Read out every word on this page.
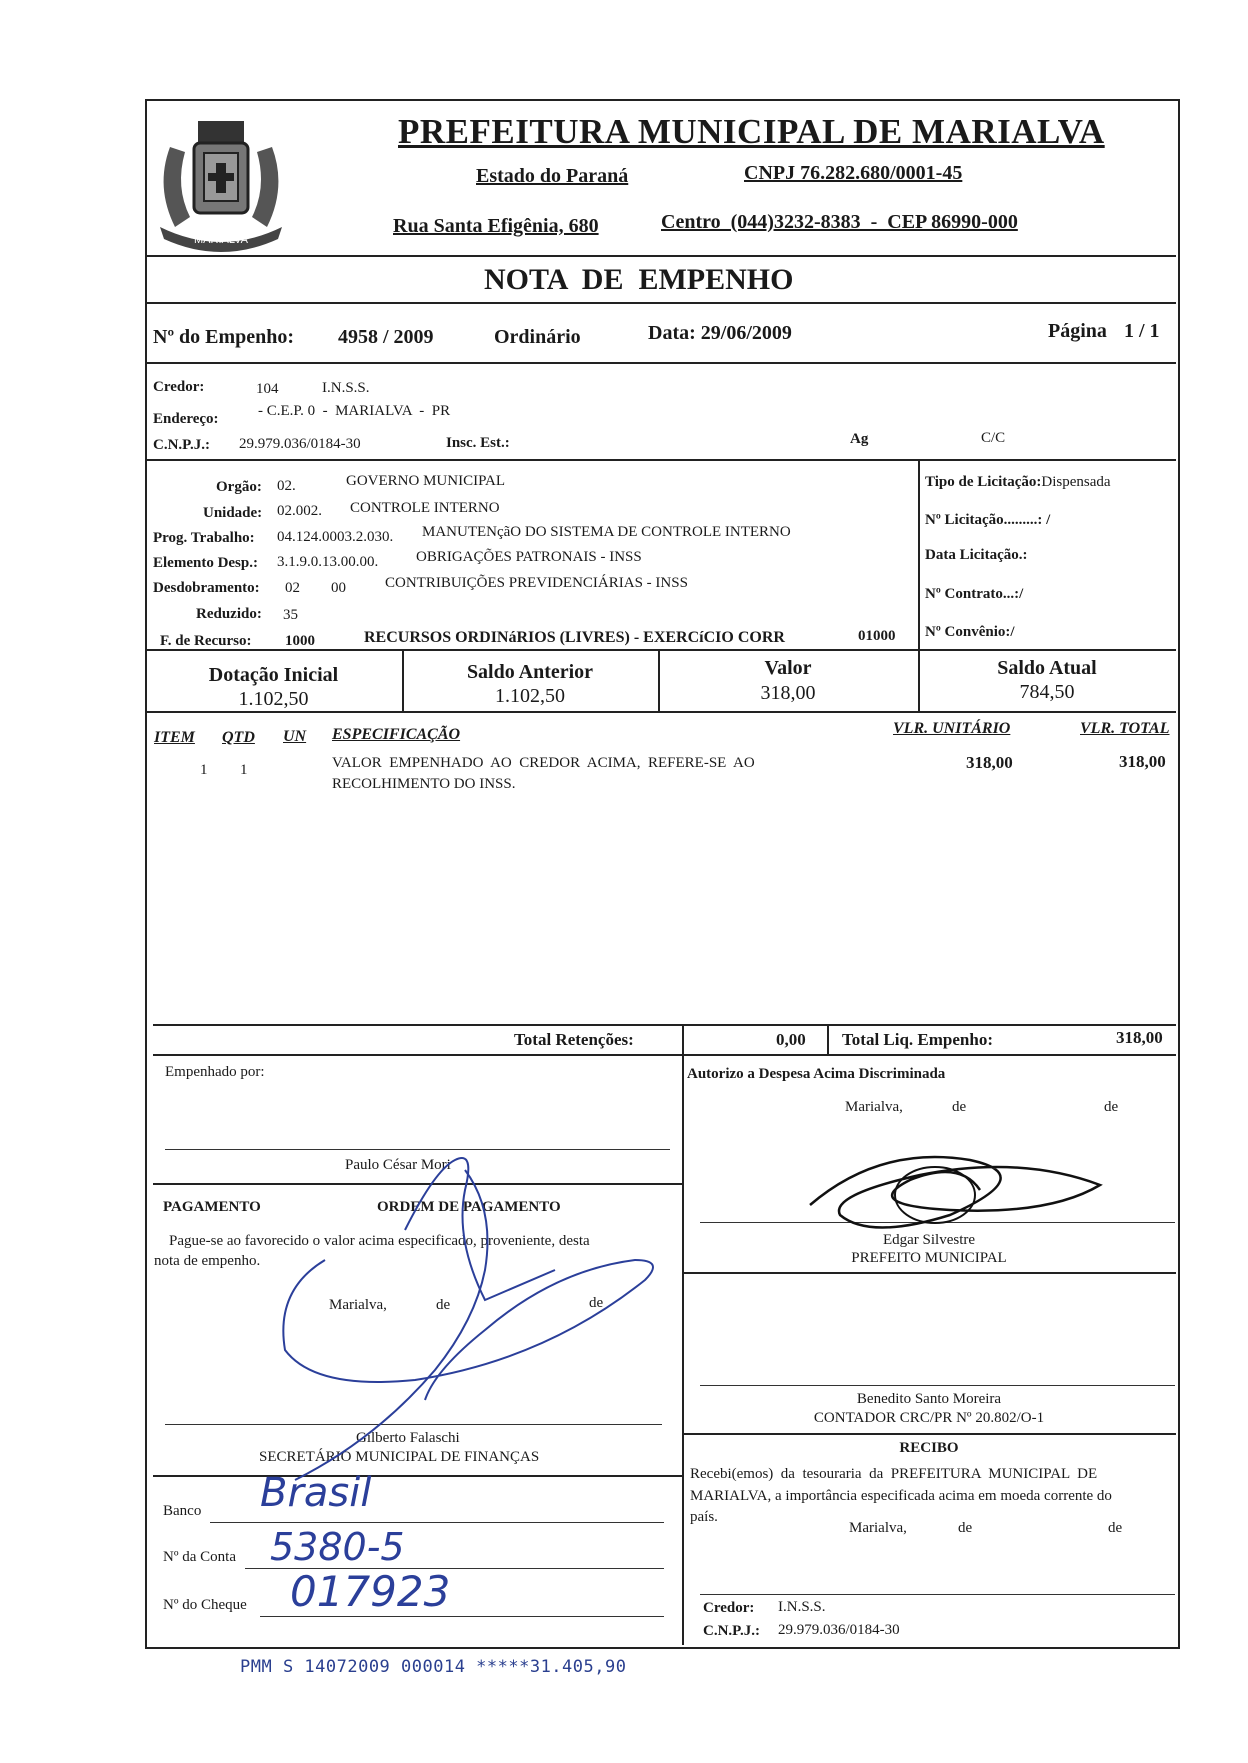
MARIALVA
PREFEITURA MUNICIPAL DE MARIALVA
Estado do Paraná	CNPJ 76.282.680/0001-45
Rua Santa Efigênia, 680	Centro  (044)3232-8383  -  CEP 86990-000
NOTA  DE  EMPENHO
Nº do Empenho: 4958 / 2009	Ordinário	Data: 29/06/2009	Página 1 / 1
Credor:	104	I.N.S.S.
Endereço:	- C.E.P. 0  -  MARIALVA  -  PR
C.N.P.J.: 29.979.036/0184-30	Insc. Est.:	Ag	C/C
Orgão: 02.	GOVERNO MUNICIPAL
Unidade: 02.002. CONTROLE INTERNO
Prog. Trabalho: 04.124.0003.2.030. MANUTENçãO DO SISTEMA DE CONTROLE INTERNO
Elemento Desp.: 3.1.9.0.13.00.00.	OBRIGAÇÕES PATRONAIS - INSS
Desdobramento: 02 00	CONTRIBUIÇÕES PREVIDENCIÁRIAS - INSS
Reduzido: 35
F. de Recurso: 1000	RECURSOS ORDINáRIOS (LIVRES) - EXERCíCIO CORR	01000
Tipo de Licitação:Dispensada
Nº Licitação.........: /
Data Licitação.:
Nº Contrato...:/
Nº Convênio:/
Dotação Inicial
1.102,50
Saldo Anterior
1.102,50
Valor
318,00
Saldo Atual
784,50
ITEM QTD UN ESPECIFICAÇÃO	VLR. UNITÁRIO	VLR. TOTAL
1 1	VALOR  EMPENHADO  AO  CREDOR  ACIMA,  REFERE-SE  AO
RECOLHIMENTO DO INSS.
318,00	318,00
Total Retenções:	0,00 Total Liq. Empenho:	318,00
Empenhado por:
Paulo César Mori
PAGAMENTO	ORDEM DE PAGAMENTO
Pague-se ao favorecido o valor acima especificado, proveniente, desta
nota de empenho.
Marialva,	de	de
Gilberto Falaschi
SECRETÁRIO MUNICIPAL DE FINANÇAS
Banco Brasil
Nº da Conta 5380-5
Nº do Cheque 017923
Autorizo a Despesa Acima Discriminada
Marialva,	de	de
Edgar Silvestre
PREFEITO MUNICIPAL
Benedito Santo Moreira
CONTADOR CRC/PR Nº 20.802/O-1
RECIBO
Recebi(emos)  da  tesouraria  da  PREFEITURA  MUNICIPAL  DE
MARIALVA, a importância especificada acima em moeda corrente do
país.
Marialva,	de	de
Credor: I.N.S.S.
C.N.P.J.: 29.979.036/0184-30
PMM S 14072009 000014 *****31.405,90
